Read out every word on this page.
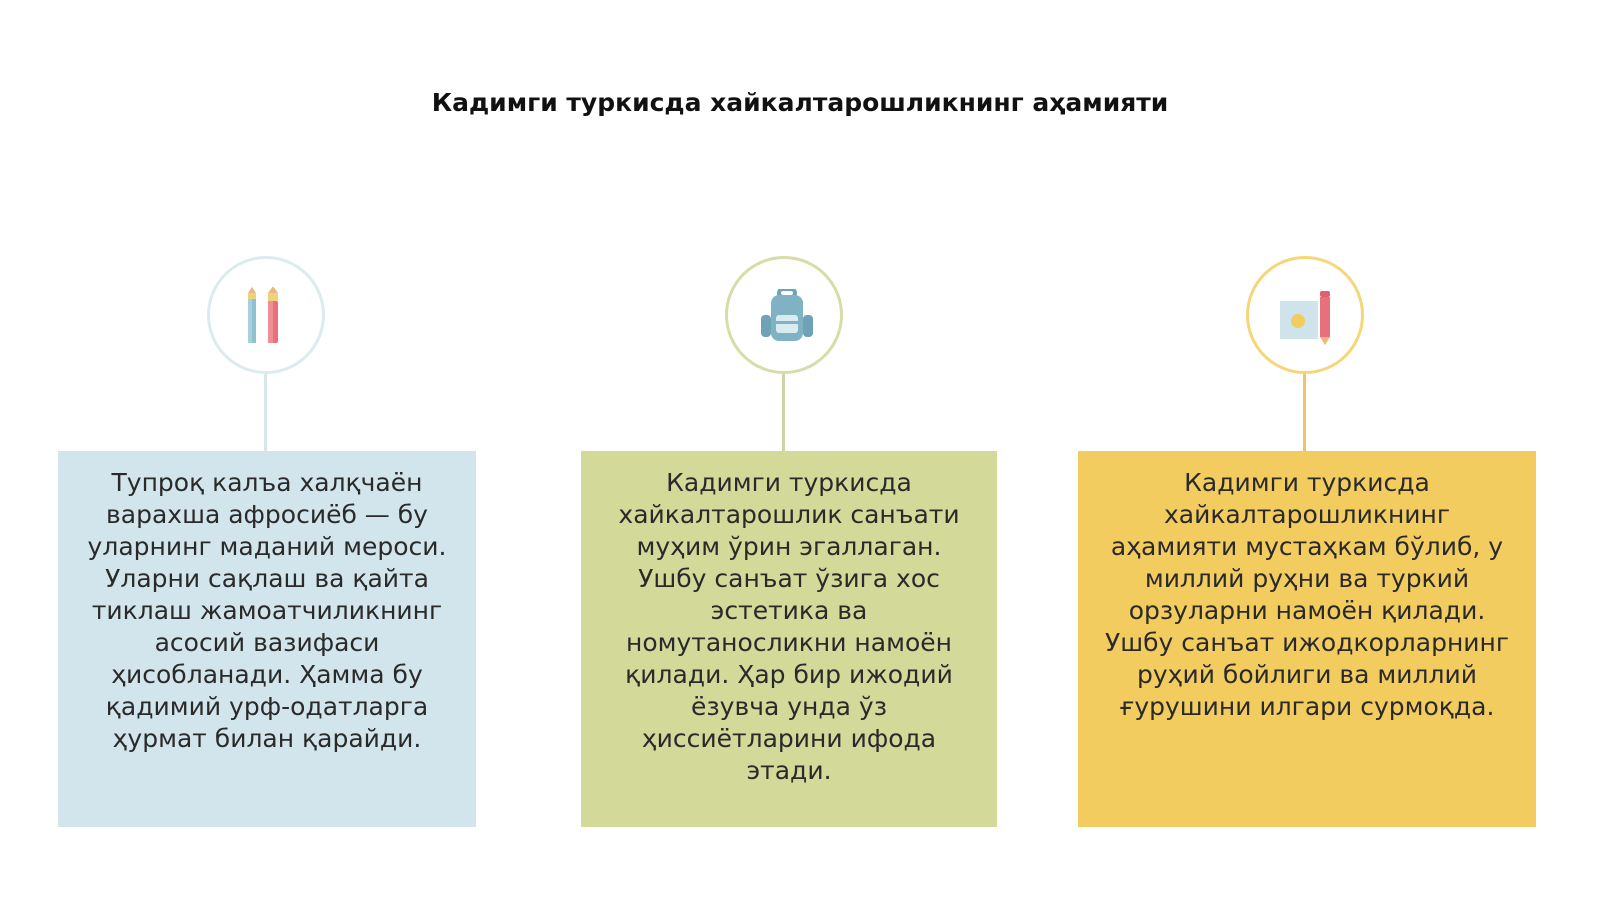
Кадимги туркисда хайкалтарошликнинг аҳамияти
Тупроқ калъа халқчаён варахша афросиёб — бу уларнинг маданий мероси. Уларни сақлаш ва қайта тиклаш жамоатчиликнинг асосий вазифаси ҳисобланади. Ҳамма бу қадимий урф-одатларга ҳурмат билан қарайди.
Кадимги туркисда хайкалтарошлик санъати муҳим ўрин эгаллаган. Ушбу санъат ўзига хос эстетика ва номутаносликни намоён қилади. Ҳар бир ижодий ёзувча унда ўз ҳиссиётларини ифода этади.
Кадимги туркисда хайкалтарошликнинг аҳамияти мустаҳкам бўлиб, у миллий руҳни ва туркий орзуларни намоён қилади. Ушбу санъат ижодкорларнинг руҳий бойлиги ва миллий ғурушини илгари сурмоқда.
